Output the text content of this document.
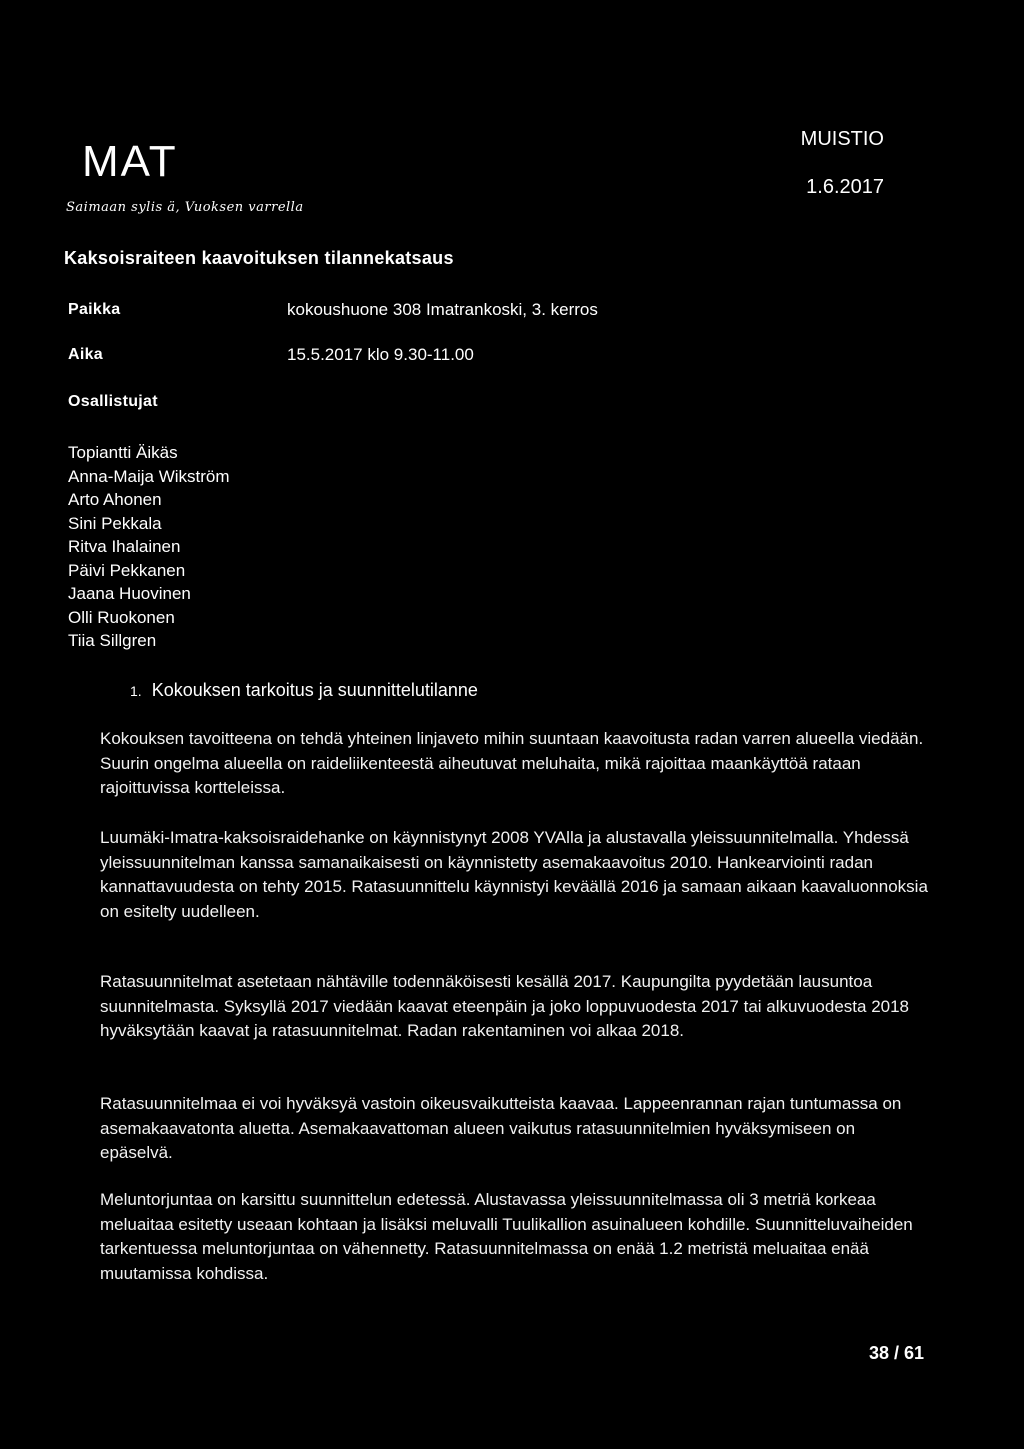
MAT
Saimaan sylis ä, Vuoksen varrella
MUISTIO
1.6.2017
Kaksoisraiteen kaavoituksen tilannekatsaus
Paikka	kokoushuone 308 Imatrankoski, 3. kerros
Aika	15.5.2017 klo 9.30-11.00
Osallistujat
Topiantti Äikäs
Anna-Maija Wikström
Arto Ahonen
Sini Pekkala
Ritva Ihalainen
Päivi Pekkanen
Jaana Huovinen
Olli Ruokonen
Tiia Sillgren
1. Kokouksen tarkoitus ja suunnittelutilanne

Kokouksen tavoitteena on tehdä yhteinen linjaveto mihin suuntaan kaavoitusta radan varren alueella viedään. Suurin ongelma alueella on raideliikenteestä aiheutuvat meluhaita, mikä rajoittaa maankäyttöä rataan rajoittuvissa kortteleissa.

Luumäki-Imatra-kaksoisraidehanke on käynnistynyt 2008 YVAlla ja alustavalla yleissuunnitelmalla. Yhdessä yleissuunnitelman kanssa samanaikaisesti on käynnistetty asemakaavoitus 2010. Hankearviointi radan kannattavuudesta on tehty 2015. Ratasuunnittelu käynnistyi keväällä 2016 ja samaan aikaan kaavaluonnoksia on esitelty uudelleen.

Ratasuunnitelmat asetetaan nähtäville todennäköisesti kesällä 2017. Kaupungilta pyydetään lausuntoa suunnitelmasta. Syksyllä 2017 viedään kaavat eteenpäin ja joko loppuvuodesta 2017 tai alkuvuodesta 2018 hyväksytään kaavat ja ratasuunnitelmat. Radan rakentaminen voi alkaa 2018.

Ratasuunnitelmaa ei voi hyväksyä vastoin oikeusvaikutteista kaavaa. Lappeenrannan rajan tuntumassa on asemakaavatonta aluetta. Asemakaavattoman alueen vaikutus ratasuunnitelmien hyväksymiseen on epäselvä.

Meluntorjuntaa on karsittu suunnittelun edetessä. Alustavassa yleissuunnitelmassa oli 3 metriä korkeaa meluaitaa esitetty useaan kohtaan ja lisäksi meluvalli Tuulikallion asuinalueen kohdille. Suunnitteluvaiheiden tarkentuessa meluntorjuntaa on vähennetty. Ratasuunnitelmassa on enää 1.2 metristä meluaitaa enää muutamissa kohdissa.

38 / 61
